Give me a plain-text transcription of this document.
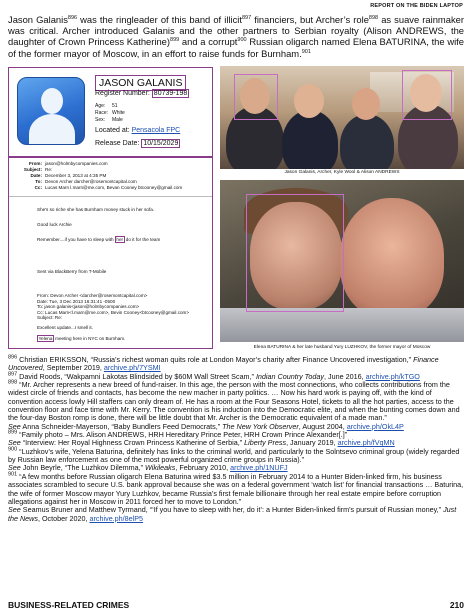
REPORT ON THE BIDEN LAPTOP

Jason Galanis$^{896}$ was the ringleader of this band of illicit$^{897}$ financiers, but Archer’s role$^{898}$ as suave rainmaker was critical. Archer introduced Galanis and the other partners to Serbian royalty (Alison ANDREWS, the daughter of Crown Princess Katherine)$^{899}$ and a corrupt$^{900}$ Russian oligarch named Elena BATURINA, the wife of the former mayor of Moscow, in an effort to raise funds for Burnham.$^{901}$

JASON GALANIS
Register Number: 80739-198
Age: 51
Race: White
Sex: Male
Located at: Pensacola FPC
Release Date: 10/15/2029
From: jason@holmbycompanies.com
Subject: Re:
Date: December 3, 2013 at 4:35 PM
To: Devon Archer darcher@rosemontcapital.com
Cc: Lucas Marn l.marn@me.com, Bevan Cooney btcooney@gmail.com
She's so riche she has Burnham money stuck in her sofa.
Good luck Archie
Remember....if you have to sleep with her do it for the team
Sent via BlackBerry from T-Mobile
From: Devon Archer <darcher@rosemontcapital.com>
Date: Tue, 3 Dec 2013 16:31:41 -0500
To: jason galanis<jason@holmbycompanies.com>
Cc: Lucas Marn<l.marn@me.com>, Bevin Cooney<btcooney@gmail.com>
Subject: Re:
Excellent update...I smell it.
Yelena meeting here in NYC on Burnham.
Jason Galanis, Archer, Kyle Wool & Alison ANDREWS
Elena BATURINA & her late husband Yury LUZHKOV, the former mayor of Moscow

$^{896}$ Christian ERIKSSON, “Russia’s richest woman quits role at London Mayor’s charity after Finance Uncovered investigation,” Finance Uncovered, September 2019, archive.ph/7YSMI

$^{897}$ David Roods, “Wakpamni Lakotas Blindsided by $60M Wall Street Scam,” Indian Country Today, June 2016, archive.ph/kTGO

$^{898}$ “Mr. Archer represents a new breed of fund-raiser. In this age, the person with the most connections, who collects contributions from the widest circle of friends and contacts, has become the new macher in party politics. … Now his hard work is paying off, with the kind of convention access lowly Hill staffers can only dream of. He has a room at the Four Seasons Hotel, tickets to all the hot parties, access to the convention floor and face time with Mr. Kerry. The convention is his induction into the Democratic elite, and when the bunting comes down and the four-day Boston romp is done, there will be little doubt that Mr. Archer is the Democratic equivalent of a made man.”

See Anna Schneider-Mayerson, “Baby Bundlers Feed Democrats,” The New York Observer, August 2004, archive.ph/OkL4P

$^{899}$ “Family photo – Mrs. Alison ANDREWS, HRH Hereditary Prince Peter, HRH Crown Prince Alexander[.]”

See “Interview: Her Royal Highness Crown Princess Katherine of Serbia,” Liberty Press, January 2019, archive.ph/fVqMN

$^{900}$ “Luzhkov’s wife, Yelena Baturina, definitely has links to the criminal world, and particularly to the Solntsevo criminal group (widely regarded by Russian law enforcement as one of the most powerful organized crime groups in Russia).”

See John Beyrle, “The Luzhkov Dilemma,” Wikileaks, February 2010, archive.ph/1NUFJ

$^{901}$ “A few months before Russian oligarch Elena Baturina wired $3.5 million in February 2014 to a Hunter Biden-linked firm, his business associates scrambled to secure U.S. bank approval because she was on a federal government ‘watch list’ for financial transactions … Baturina, the wife of former Moscow mayor Yury Luzhkov, became Russia’s first female billionaire through her real estate empire before corruption allegations against her in Moscow in 2011 forced her to move to London.”

See Seamus Bruner and Matthew Tyrmand, “‘If you have to sleep with her, do it’: a Hunter Biden-linked firm’s pursuit of Russian money,” Just the News, October 2020, archive.ph/8elP5

BUSINESS-RELATED CRIMES	210
